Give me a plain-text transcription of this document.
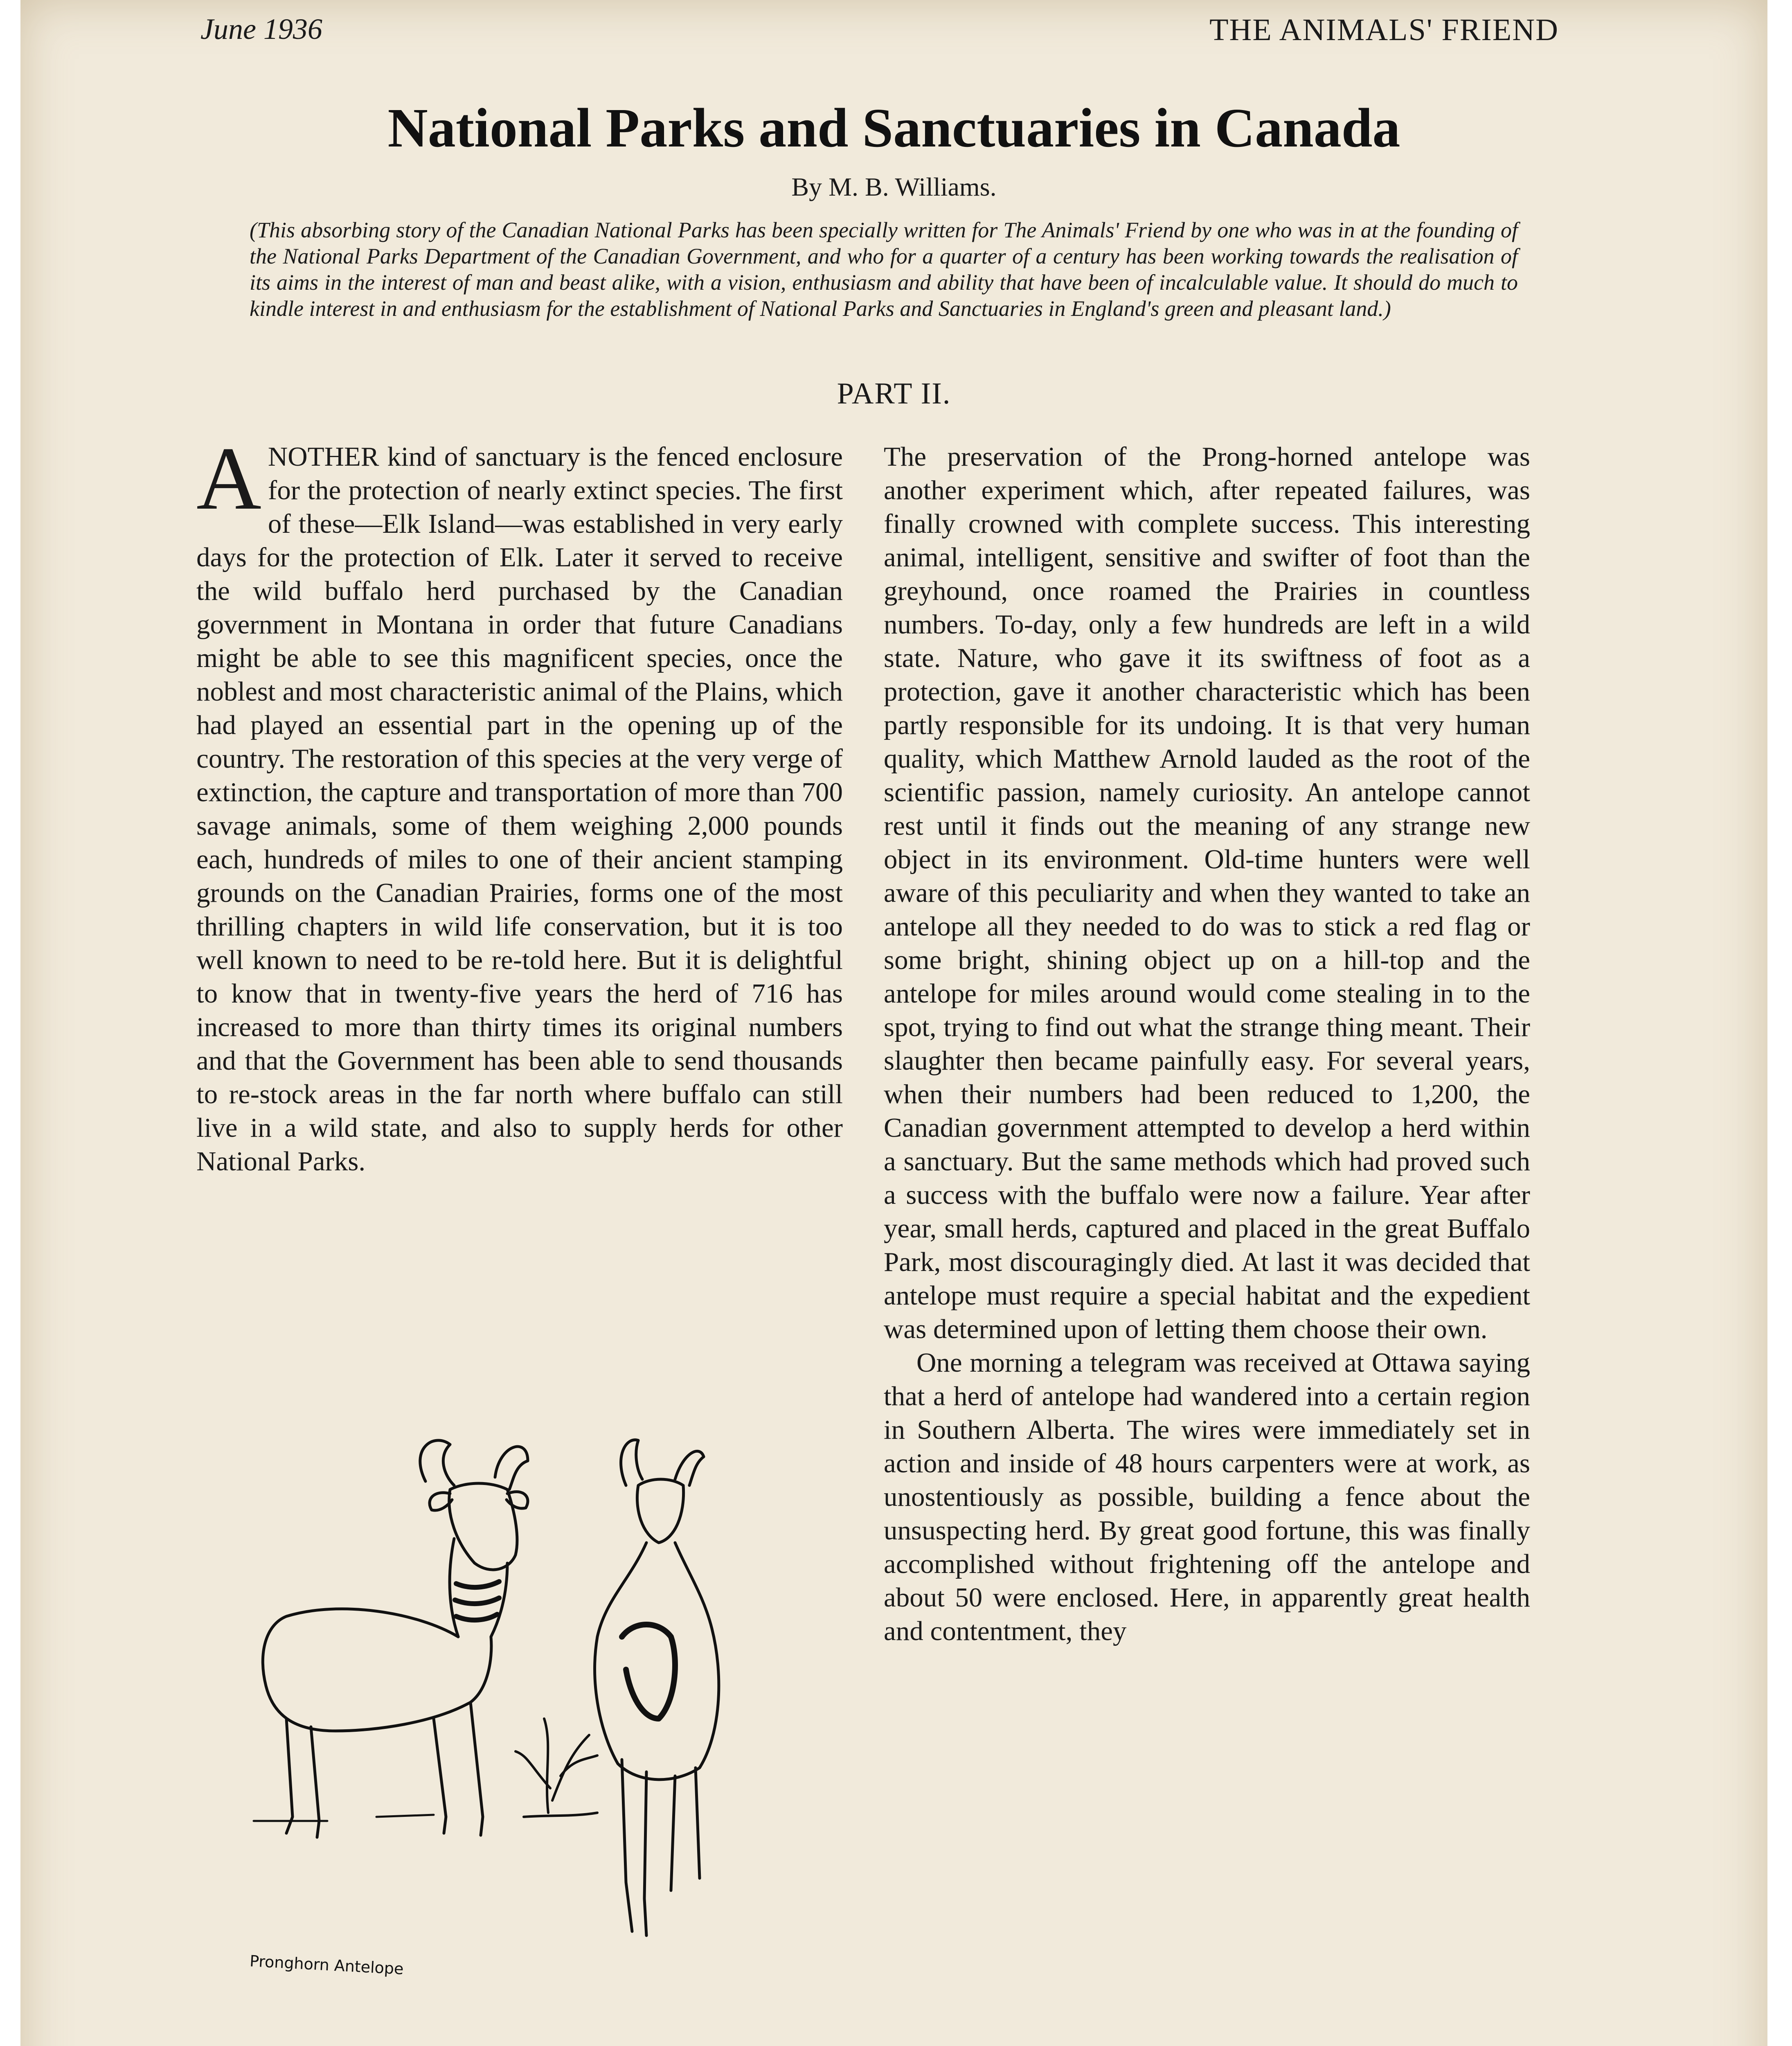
June 1936	THE ANIMALS' FRIEND
National Parks and Sanctuaries in Canada
By M. B. Williams.
(This absorbing story of the Canadian National Parks has been specially written for The Animals' Friend by one who was in at the founding of the National Parks Department of the Canadian Government, and who for a quarter of a century has been working towards the realisation of its aims in the interest of man and beast alike, with a vision, enthusiasm and ability that have been of incalculable value. It should do much to kindle interest in and enthusiasm for the establishment of National Parks and Sanctuaries in England's green and pleasant land.)
PART II.

ANOTHER kind of sanctuary is the fenced enclosure for the protection of nearly extinct species. The first of these—Elk Island—was established in very early days for the protection of Elk. Later it served to receive the wild buffalo herd purchased by the Canadian government in Montana in order that future Canadians might be able to see this magnificent species, once the noblest and most characteristic animal of the Plains, which had played an essential part in the opening up of the country. The restoration of this species at the very verge of extinction, the capture and transportation of more than 700 savage animals, some of them weighing 2,000 pounds each, hundreds of miles to one of their ancient stamping grounds on the Canadian Prairies, forms one of the most thrilling chapters in wild life conservation, but it is too well known to need to be re-told here. But it is delightful to know that in twenty-five years the herd of 716 has increased to more than thirty times its original numbers and that the Government has been able to send thousands to re-stock areas in the far north where buffalo can still live in a wild state, and also to supply herds for other National Parks.

The preservation of the Prong-horned antelope was another experiment which, after repeated failures, was finally crowned with complete success. This interesting animal, intelligent, sensitive and swifter of foot than the greyhound, once roamed the Prairies in countless numbers. To-day, only a few hundreds are left in a wild state. Nature, who gave it its swiftness of foot as a protection, gave it another characteristic which has been partly responsible for its undoing. It is that very human quality, which Matthew Arnold lauded as the root of the scientific passion, namely curiosity. An antelope cannot rest until it finds out the meaning of any strange new object in its environment. Old-time hunters were well aware of this peculiarity and when they wanted to take an antelope all they needed to do was to stick a red flag or some bright, shining object up on a hill-top and the antelope for miles around would come stealing in to the spot, trying to find out what the strange thing meant. Their slaughter then became painfully easy. For several years, when their numbers had been reduced to 1,200, the Canadian government attempted to develop a herd within a sanctuary. But the same methods which had proved such a success with the buffalo were now a failure. Year after year, small herds, captured and placed in the great Buffalo Park, most discouragingly died. At last it was decided that antelope must require a special habitat and the expedient was determined upon of letting them choose their own.

One morning a telegram was received at Ottawa saying that a herd of antelope had wandered into a certain region in Southern Alberta. The wires were immediately set in action and inside of 48 hours carpenters were at work, as unostentiously as possible, building a fence about the unsuspecting herd. By great good fortune, this was finally accomplished without frightening off the antelope and about 50 were enclosed. Here, in apparently great health and contentment, they

Pronghorn Antelope
